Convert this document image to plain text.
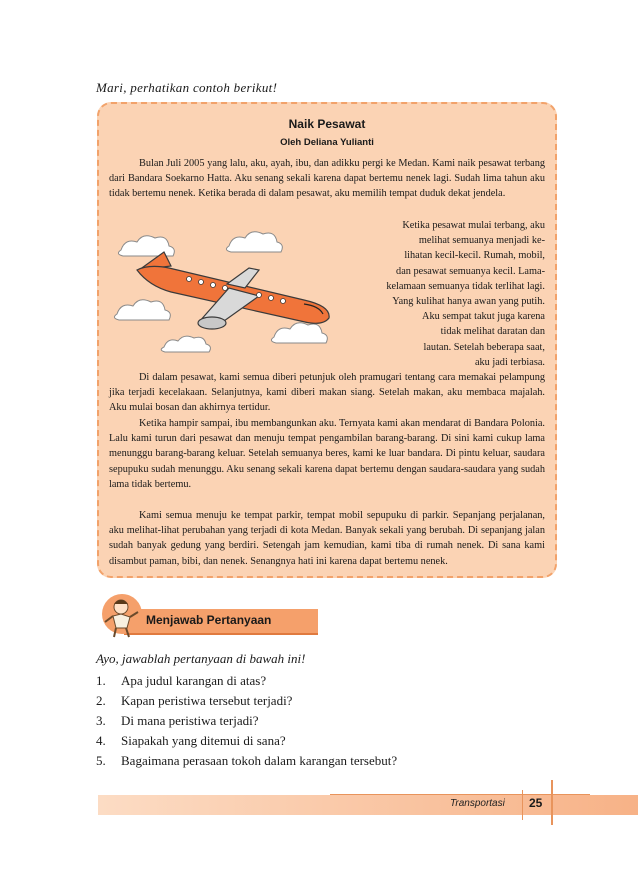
Mari, perhatikan contoh berikut!
Naik Pesawat
Oleh Deliana Yulianti

Bulan Juli 2005 yang lalu, aku, ayah, ibu, dan adikku pergi ke Medan. Kami naik pesawat terbang dari Bandara Soekarno Hatta. Aku senang sekali karena dapat bertemu nenek lagi. Sudah lima tahun aku tidak bertemu nenek. Ketika berada di dalam pesawat, aku memilih tempat duduk dekat jendela.

Ketika pesawat mulai terbang, aku
melihat semuanya menjadi ke-
lihatan kecil-kecil. Rumah, mobil,
dan pesawat semuanya kecil. Lama-
kelamaan semuanya tidak terlihat lagi.
Yang kulihat hanya awan yang putih.
Aku sempat takut juga karena
tidak melihat daratan dan
lautan. Setelah beberapa saat,
aku jadi terbiasa.

Di dalam pesawat, kami semua diberi petunjuk oleh pramugari tentang cara memakai pelampung jika terjadi kecelakaan. Selanjutnya, kami diberi makan siang. Setelah makan, aku membaca majalah. Aku mulai bosan dan akhirnya tertidur.

Ketika hampir sampai, ibu membangunkan aku. Ternyata kami akan mendarat di Bandara Polonia. Lalu kami turun dari pesawat dan menuju tempat pengambilan barang-barang. Di sini kami cukup lama menunggu barang-barang keluar. Setelah semuanya beres, kami ke luar bandara. Di pintu keluar, saudara sepupuku sudah menunggu. Aku senang sekali karena dapat bertemu dengan saudara-saudara yang sudah lama tidak bertemu.

Kami semua menuju ke tempat parkir, tempat mobil sepupuku di parkir. Sepanjang perjalanan, aku melihat-lihat perubahan yang terjadi di kota Medan. Banyak sekali yang berubah. Di sepanjang jalan sudah banyak gedung yang berdiri. Setengah jam kemudian, kami tiba di rumah nenek. Di sana kami disambut paman, bibi, dan nenek. Senangnya hati ini karena dapat bertemu nenek.

Menjawab Pertanyaan
Ayo, jawablah pertanyaan di bawah ini!
1.	Apa judul karangan di atas?
2.	Kapan peristiwa tersebut terjadi?
3.	Di mana peristiwa terjadi?
4.	Siapakah yang ditemui di sana?
5.	Bagaimana perasaan tokoh dalam karangan tersebut?
Transportasi 25
